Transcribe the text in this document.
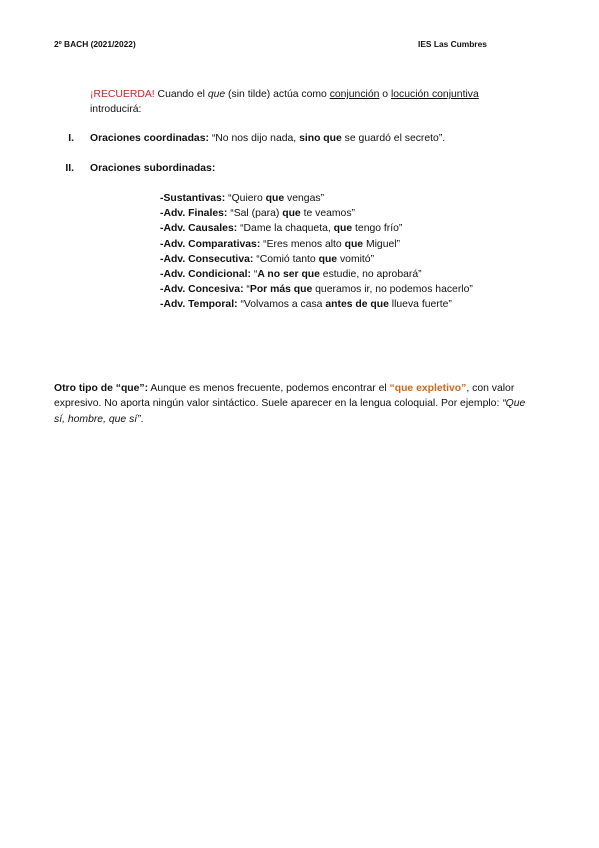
2º BACH (2021/2022)	IES Las Cumbres
¡RECUERDA! Cuando el que (sin tilde) actúa como conjunción o locución conjuntiva
introducirá:
I. Oraciones coordinadas: “No nos dijo nada, sino que se guardó el secreto”.
II. Oraciones subordinadas:
-Sustantivas: “Quiero que vengas”
-Adv. Finales: “Sal (para) que te veamos”
-Adv. Causales: “Dame la chaqueta, que tengo frío”
-Adv. Comparativas: “Eres menos alto que Miguel”
-Adv. Consecutiva: “Comió tanto que vomitó”
-Adv. Condicional: “A no ser que estudie, no aprobará”
-Adv. Concesiva: “Por más que queramos ir, no podemos hacerlo”
-Adv. Temporal: “Volvamos a casa antes de que llueva fuerte”
Otro tipo de “que”: Aunque es menos frecuente, podemos encontrar el “que expletivo”, con valor expresivo. No aporta ningún valor sintáctico. Suele aparecer en la lengua coloquial. Por ejemplo: “Que sí, hombre, que sí”.
